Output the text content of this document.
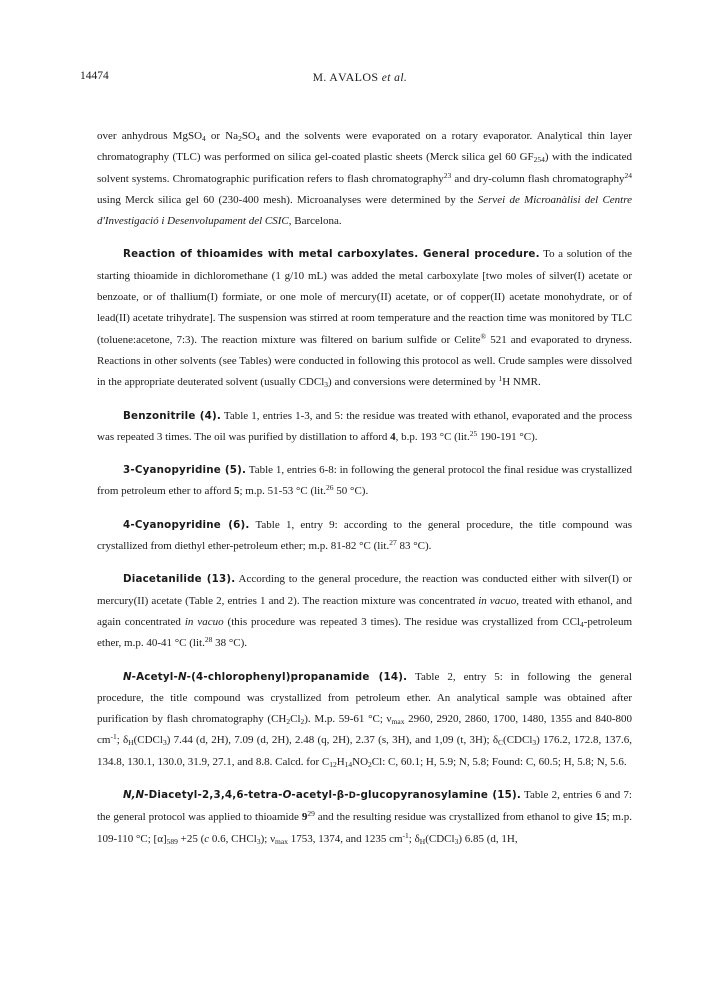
14474	M. AVALOS et al.

over anhydrous MgSO$_4$ or $Na_2SO_4$ and the solvents were evaporated on a rotary evaporator. Analytical thin layer chromatography (TLC) was performed on silica gel-coated plastic sheets (Merck silica gel 60 $GF_{254}$) with the indicated solvent systems. Chromatographic purification refers to flash chromatography$^{23}$ and dry-column flash chromatography$^{24}$ using Merck silica gel 60 (230-400 mesh). Microanalyses were determined by the Servei de Microanàlisi del Centre d'Investigació i Desenvolupament del CSIC, Barcelona.

Reaction of thioamides with metal carboxylates. General procedure. To a solution of the starting thioamide in dichloromethane (1 g/10 mL) was added the metal carboxylate [two moles of silver(I) acetate or benzoate, or of thallium(I) formiate, or one mole of mercury(II) acetate, or of copper(II) acetate monohydrate, or of lead(II) acetate trihydrate]. The suspension was stirred at room temperature and the reaction time was monitored by TLC (toluene:acetone, 7:3). The reaction mixture was filtered on barium sulfide or Celite® 521 and evaporated to dryness. Reactions in other solvents (see Tables) were conducted in following this protocol as well. Crude samples were dissolved in the appropriate deuterated solvent (usually CDCl$_3$) and conversions were determined by $^1$H NMR.

Benzonitrile (4). Table 1, entries 1-3, and 5: the residue was treated with ethanol, evaporated and the process was repeated 3 times. The oil was purified by distillation to afford 4, b.p. 193 °C (lit.$^{25}$ 190-191 °C).

3-Cyanopyridine (5). Table 1, entries 6-8: in following the general protocol the final residue was crystallized from petroleum ether to afford 5; m.p. 51-53 °C (lit.$^{26}$ 50 °C).

4-Cyanopyridine (6). Table 1, entry 9: according to the general procedure, the title compound was crystallized from diethyl ether-petroleum ether; m.p. 81-82 °C (lit.$^{27}$ 83 °C).

Diacetanilide (13). According to the general procedure, the reaction was conducted either with silver(I) or mercury(II) acetate (Table 2, entries 1 and 2). The reaction mixture was concentrated in vacuo, treated with ethanol, and again concentrated in vacuo (this procedure was repeated 3 times). The residue was crystallized from CCl$_4$-petroleum ether, m.p. 40-41 °C (lit.$^{28}$ 38 °C).

N-Acetyl-N-(4-chlorophenyl)propanamide (14). Table 2, entry 5: in following the general procedure, the title compound was crystallized from petroleum ether. An analytical sample was obtained after purification by flash chromatography $(CH_2Cl_2)$. M.p. 59-61 °C; $\nu_{max}$ 2960, 2920, 2860, 1700, 1480, 1355 and 840-800 $cm^{-1}$; $\delta_H(CDCl_3)$ 7.44 (d, 2H), 7.09 (d, 2H), 2.48 (q, 2H), 2.37 (s, 3H), and 1,09 (t, 3H); $\delta_C(CDCl_3)$ 176.2, 172.8, 137.6, 134.8, 130.1, 130.0, 31.9, 27.1, and 8.8. Calcd. for $C_{12}H_{14}NO_2Cl$: C, 60.1; H, 5.9; N, 5.8; Found: C, 60.5; H, 5.8; N, 5.6.

N,N-Diacetyl-2,3,4,6-tetra-O-acetyl-β-D-glucopyranosylamine (15). Table 2, entries 6 and 7: the general protocol was applied to thioamide $9^{29}$ and the resulting residue was crystallized from ethanol to give 15; m.p. 109-110 °C; $[\alpha]_{589} +25$ (c 0.6, CHCl$_3$); $\nu_{max}$ 1753, 1374, and 1235 $cm^{-1}$; $\delta_H(CDCl_3)$ 6.85 (d, 1H,
